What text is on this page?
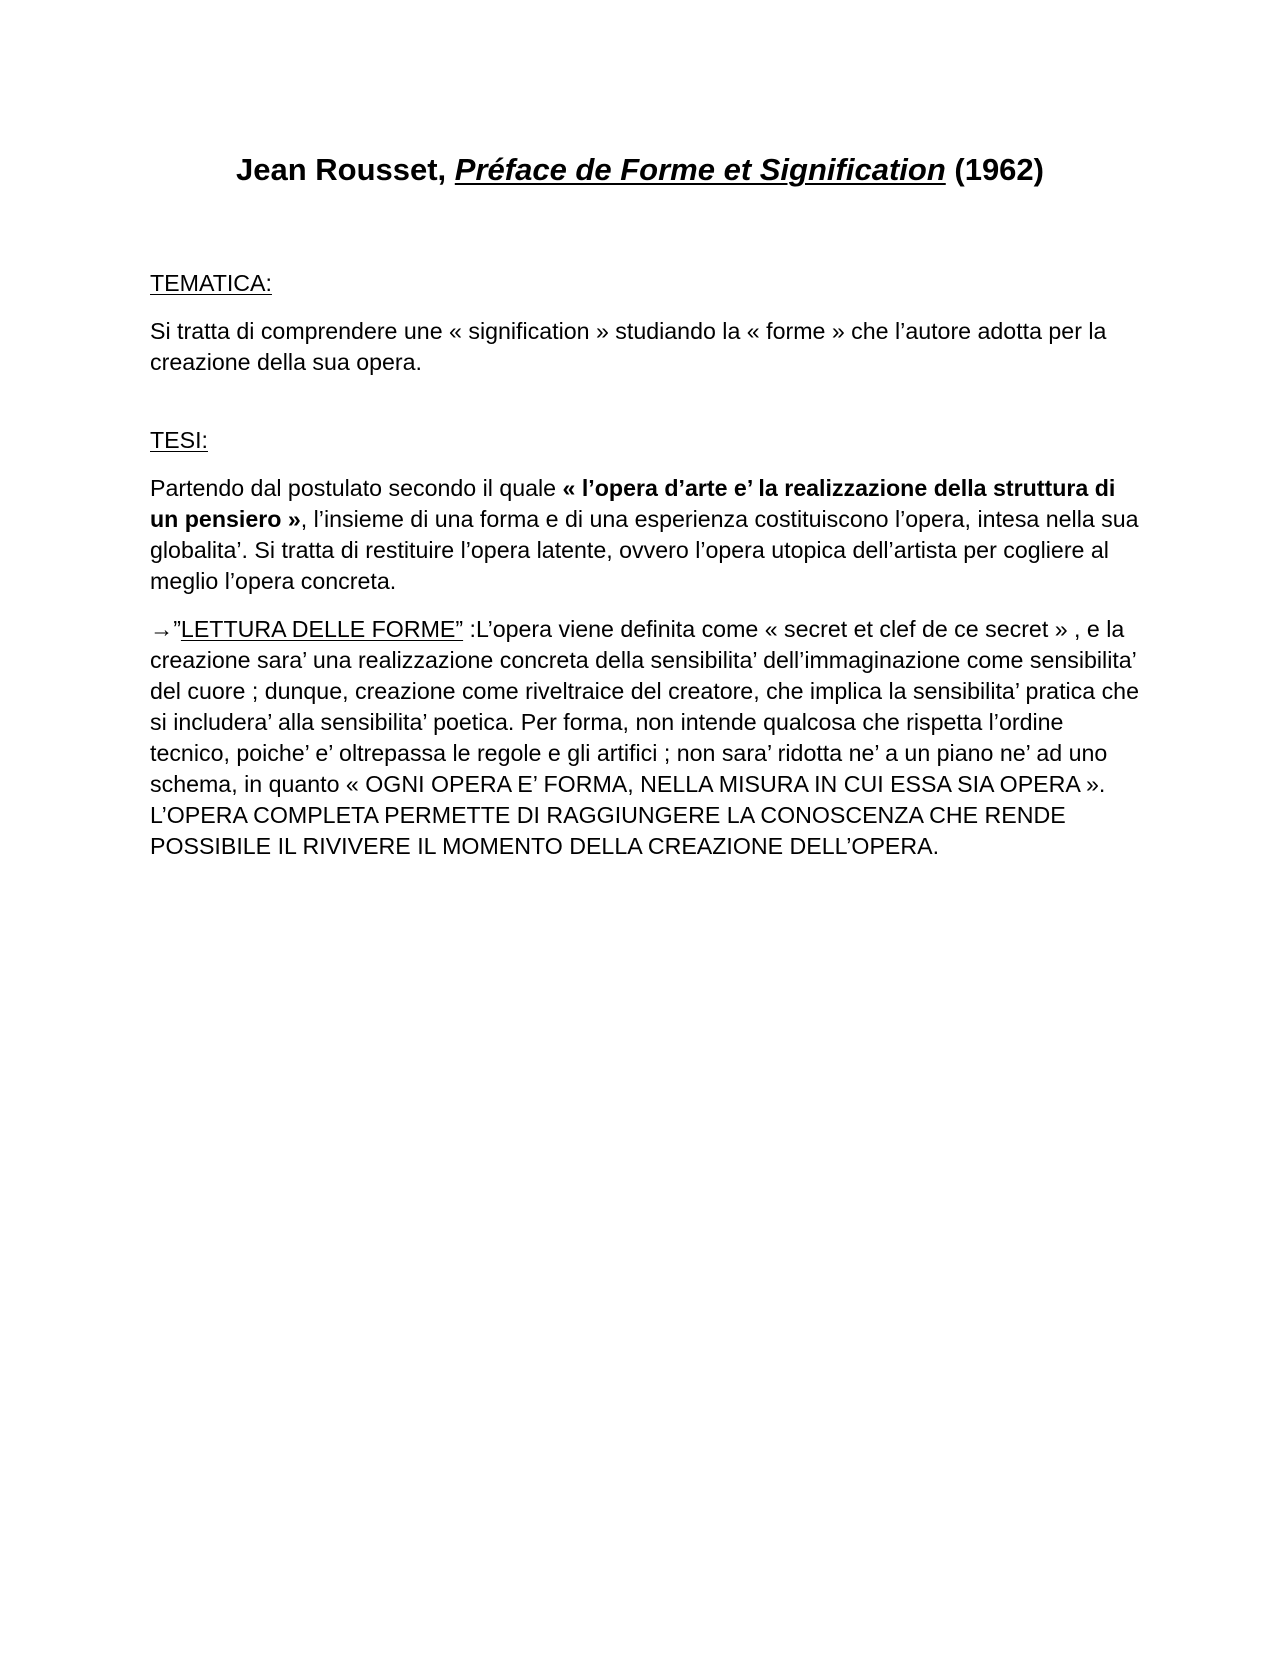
Jean Rousset, Préface de Forme et Signification (1962)

TEMATICA:

Si tratta di comprendere une « signification » studiando la « forme » che l’autore adotta per la creazione della sua opera.

TESI:

Partendo dal postulato secondo il quale « l’opera d’arte e’ la realizzazione della struttura di un pensiero », l’insieme di una forma e di una esperienza costituiscono l’opera, intesa nella sua globalita’. Si tratta di restituire l’opera latente, ovvero l’opera utopica dell’artista per cogliere al meglio l’opera concreta.

→”LETTURA DELLE FORME” :L’opera viene definita come « secret et clef de ce secret » , e la creazione sara’ una realizzazione concreta della sensibilita’ dell’immaginazione come sensibilita’ del cuore ; dunque, creazione come riveltraice del creatore, che implica la sensibilita’ pratica che si includera’ alla sensibilita’ poetica. Per forma, non intende qualcosa che rispetta l’ordine tecnico, poiche’ e’ oltrepassa le regole e gli artifici ; non sara’ ridotta ne’ a un piano ne’ ad uno schema, in quanto « OGNI OPERA E’ FORMA, NELLA MISURA IN CUI ESSA SIA OPERA ». L’OPERA COMPLETA PERMETTE DI RAGGIUNGERE LA CONOSCENZA CHE RENDE POSSIBILE IL RIVIVERE IL MOMENTO DELLA CREAZIONE DELL’OPERA.
